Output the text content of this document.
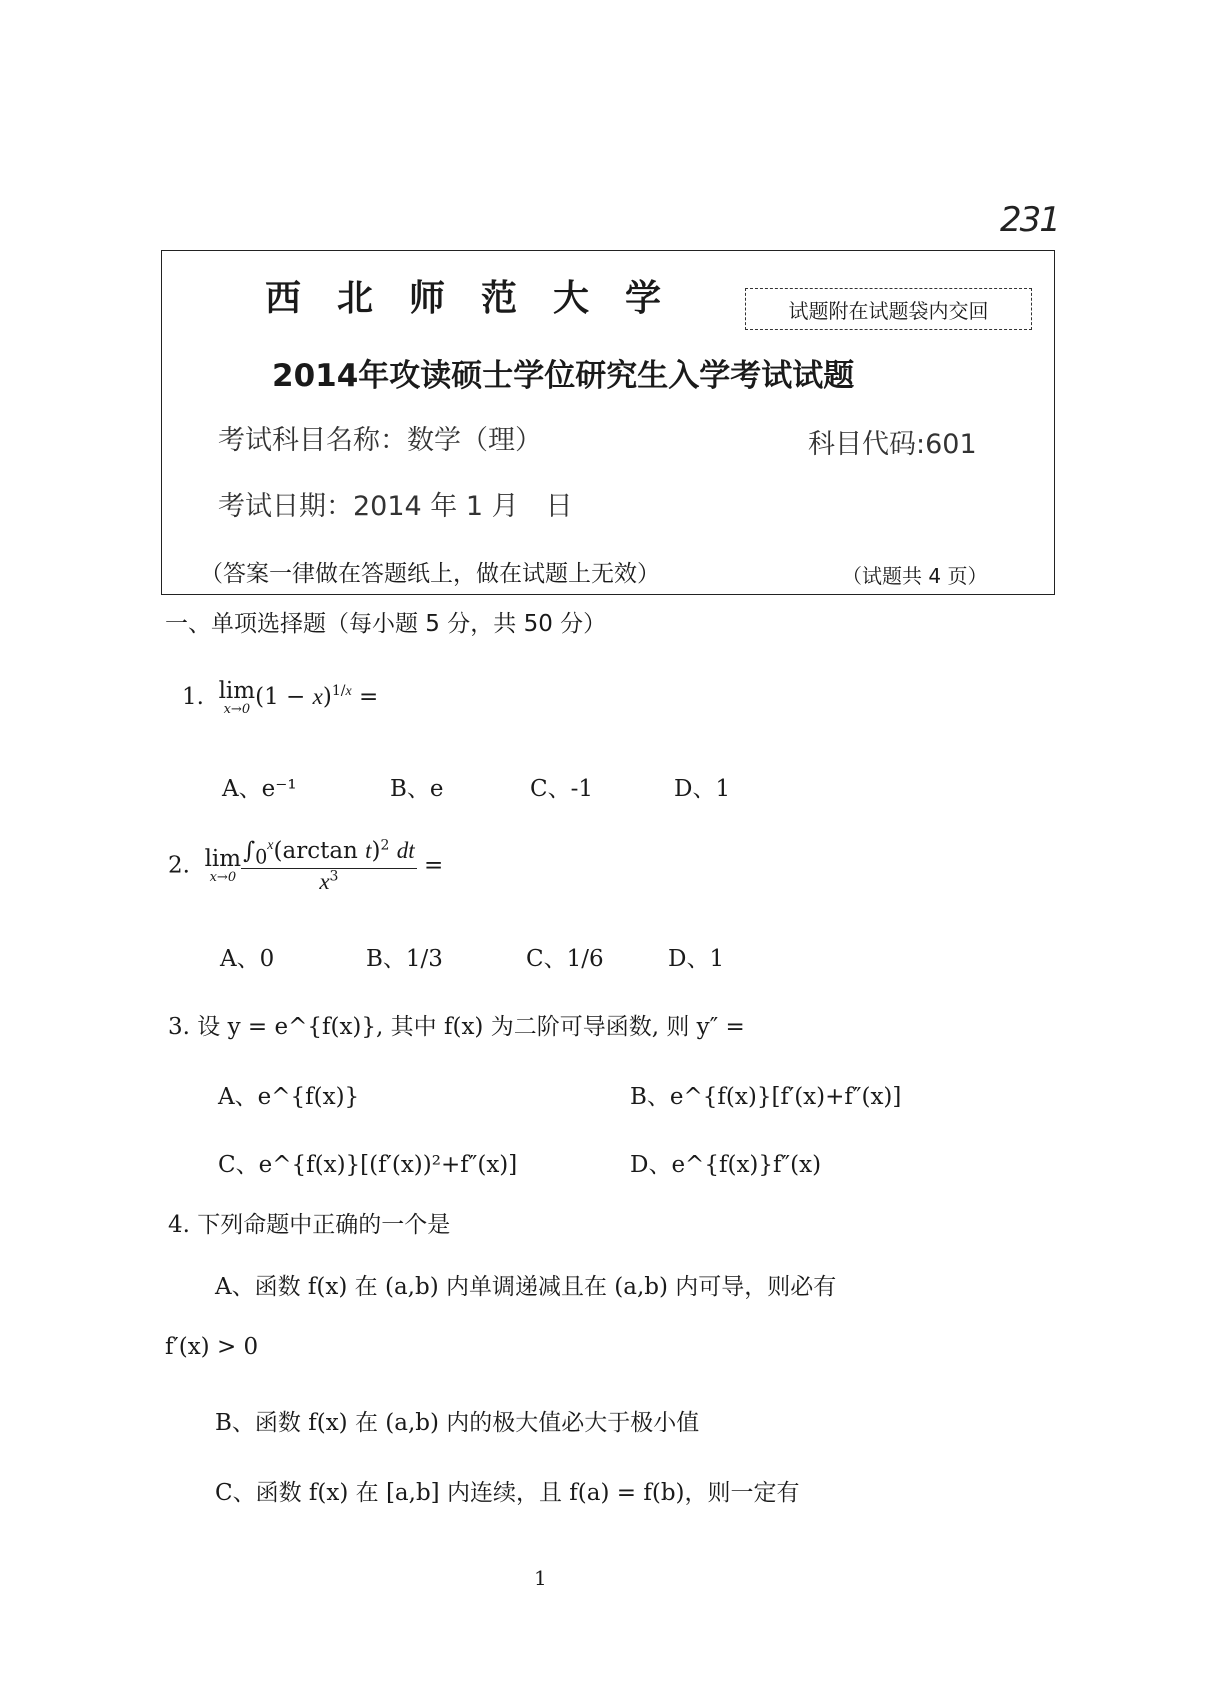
231
西北师范大学	试题附在试题袋内交回
2014年攻读硕士学位研究生入学考试试题
考试科目名称：数学（理）	科目代码:601
考试日期：2014 年 1 月　日
（答案一律做在答题纸上，做在试题上无效）	（试题共 4 页）
一、单项选择题（每小题 5 分，共 50 分）
1. lim
x→0 $(1 - x)^{1/x}$ =
A、e⁻¹	B、e	C、-1	D、1
2. lim
$x\to 0 \frac{\int_0^x(\arctan t)^2 dt}{x^3}$ =
A、0	B、1/3	C、1/6	D、1
3. 设 y = e^{f(x)}, 其中 f(x) 为二阶可导函数, 则 y″ =
A、e^{f(x)}	B、e^{f(x)}[f′(x)+f″(x)]
C、e^{f(x)}[(f′(x))²+f″(x)]	D、e^{f(x)}f″(x)
4. 下列命题中正确的一个是
A、函数 f(x) 在 (a,b) 内单调递减且在 (a,b) 内可导，则必有
f′(x) > 0
B、函数 f(x) 在 (a,b) 内的极大值必大于极小值
C、函数 f(x) 在 [a,b] 内连续，且 f(a) = f(b)，则一定有
1
